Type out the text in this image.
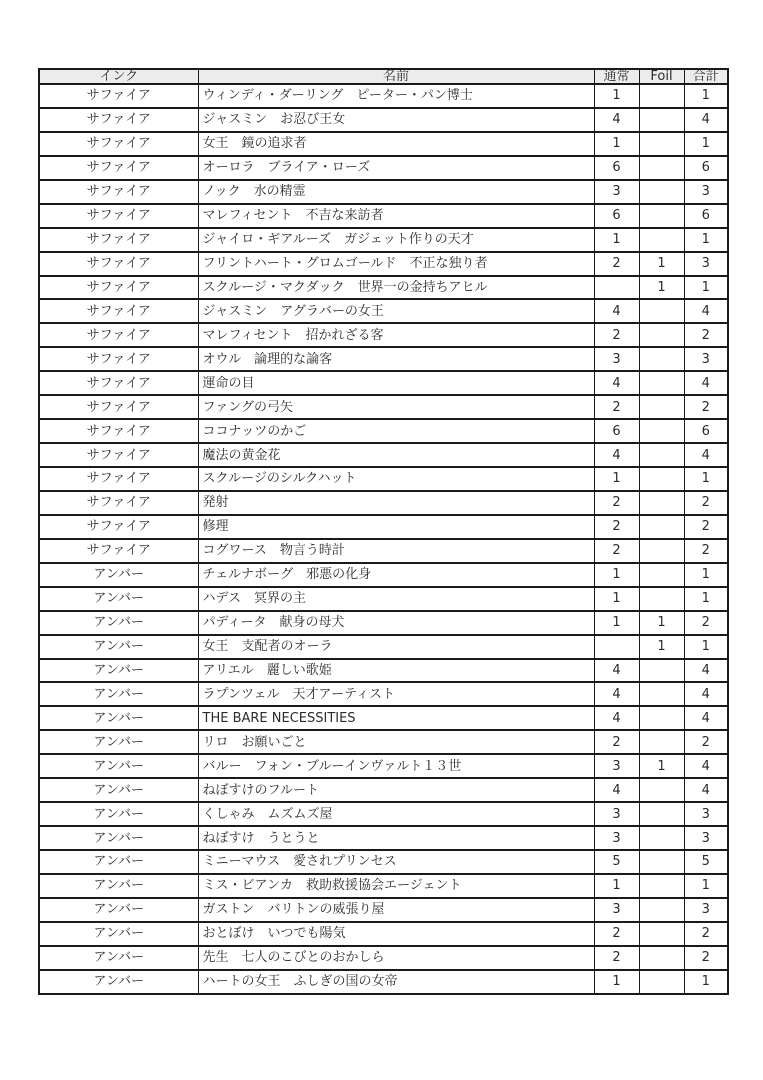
インク	名前	通常	Foil	合計
サファイア	ウィンディ・ダーリング　ピーター・パン博士	1		1
サファイア	ジャスミン　お忍び王女	4		4
サファイア	女王　鏡の追求者	1		1
サファイア	オーロラ　ブライア・ローズ	6		6
サファイア	ノック　水の精霊	3		3
サファイア	マレフィセント　不吉な来訪者	6		6
サファイア	ジャイロ・ギアルーズ　ガジェット作りの天才	1		1
サファイア	フリントハート・グロムゴールド　不正な独り者	2	1	3
サファイア	スクルージ・マクダック　世界一の金持ちアヒル		1	1
サファイア	ジャスミン　アグラバーの女王	4		4
サファイア	マレフィセント　招かれざる客	2		2
サファイア	オウル　論理的な論客	3		3
サファイア	運命の目	4		4
サファイア	ファングの弓矢	2		2
サファイア	ココナッツのかご	6		6
サファイア	魔法の黄金花	4		4
サファイア	スクルージのシルクハット	1		1
サファイア	発射	2		2
サファイア	修理	2		2
サファイア	コグワース　物言う時計	2		2
アンバー	チェルナボーグ　邪悪の化身	1		1
アンバー	ハデス　冥界の主	1		1
アンバー	パディータ　献身の母犬	1	1	2
アンバー	女王　支配者のオーラ		1	1
アンバー	アリエル　麗しい歌姫	4		4
アンバー	ラプンツェル　天才アーティスト	4		4
アンバー	THE BARE NECESSITIES	4		4
アンバー	リロ　お願いごと	2		2
アンバー	バルー　フォン・ブルーインヴァルト１３世	3	1	4
アンバー	ねぼすけのフルート	4		4
アンバー	くしゃみ　ムズムズ屋	3		3
アンバー	ねぼすけ　うとうと	3		3
アンバー	ミニーマウス　愛されプリンセス	5		5
アンバー	ミス・ビアンカ　救助救援協会エージェント	1		1
アンバー	ガストン　バリトンの威張り屋	3		3
アンバー	おとぼけ　いつでも陽気	2		2
アンバー	先生　七人のこびとのおかしら	2		2
アンバー	ハートの女王　ふしぎの国の女帝	1		1
